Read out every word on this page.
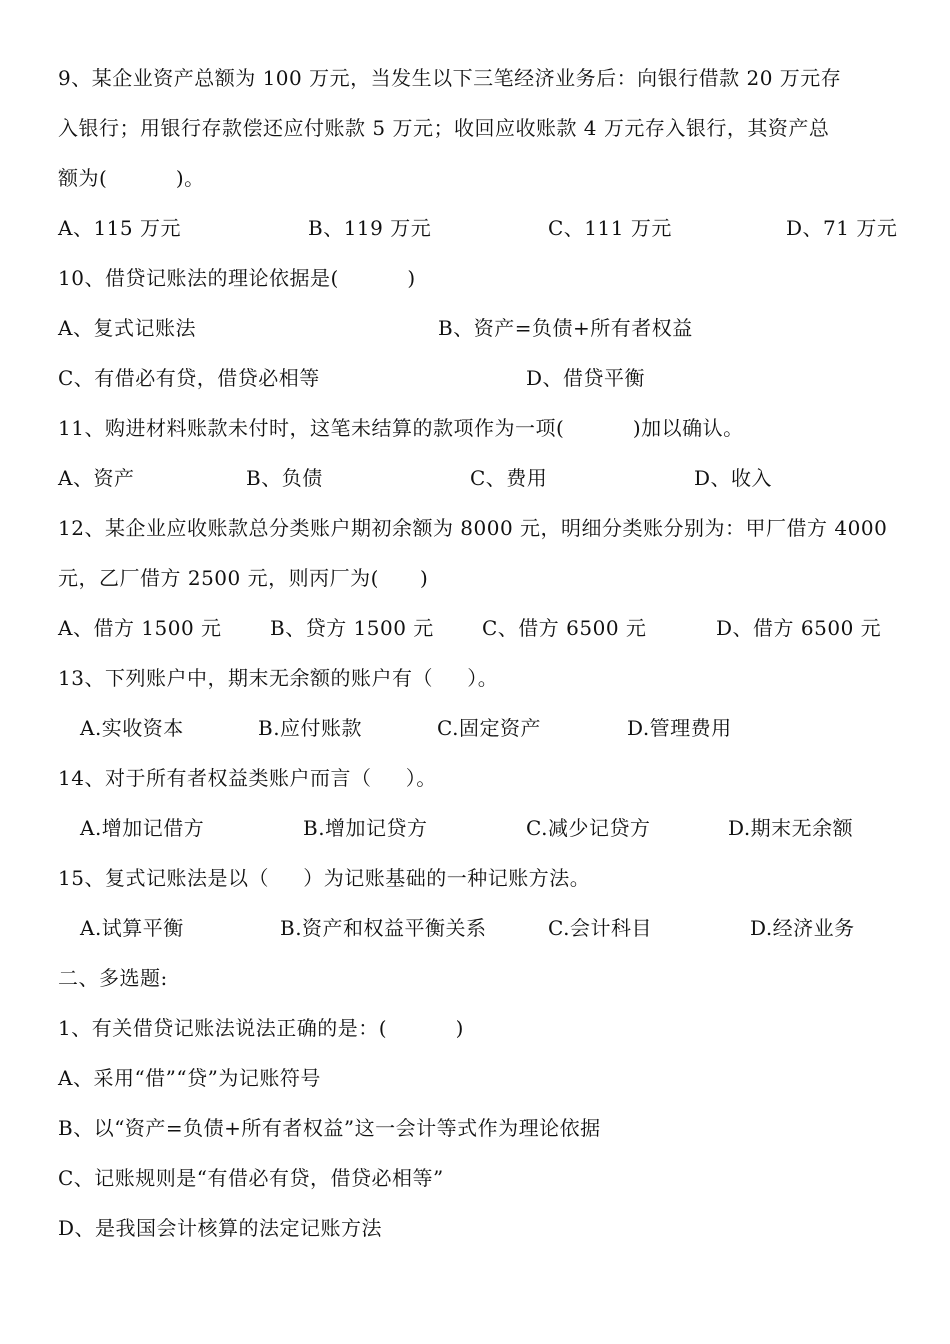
9、某企业资产总额为 100 万元，当发生以下三笔经济业务后：向银行借款 20 万元存
入银行；用银行存款偿还应付账款 5 万元；收回应收账款 4 万元存入银行，其资产总
额为(          )。
A、115 万元	B、119 万元	C、111 万元	D、71 万元
10、借贷记账法的理论依据是(          )
A、复式记账法	B、资产=负债+所有者权益
C、有借必有贷，借贷必相等	D、借贷平衡
11、购进材料账款未付时，这笔未结算的款项作为一项(          )加以确认。
A、资产	B、负债	C、费用	D、收入
12、某企业应收账款总分类账户期初余额为 8000 元，明细分类账分别为：甲厂借方 4000
元，乙厂借方 2500 元，则丙厂为(      )
A、借方 1500 元 B、贷方 1500 元 C、借方 6500 元	D、借方 6500 元
13、下列账户中，期末无余额的账户有（     ）。
A.实收资本	B.应付账款	C.固定资产	D.管理费用
14、对于所有者权益类账户而言（     ）。
A.增加记借方	B.增加记贷方	C.减少记贷方	D.期末无余额
15、复式记账法是以（     ）为记账基础的一种记账方法。
A.试算平衡	B.资产和权益平衡关系	C.会计科目	D.经济业务
二、多选题:
1、有关借贷记账法说法正确的是：(          )
A、采用“借”“贷”为记账符号
B、以“资产=负债+所有者权益”这一会计等式作为理论依据
C、记账规则是“有借必有贷，借贷必相等”
D、是我国会计核算的法定记账方法
